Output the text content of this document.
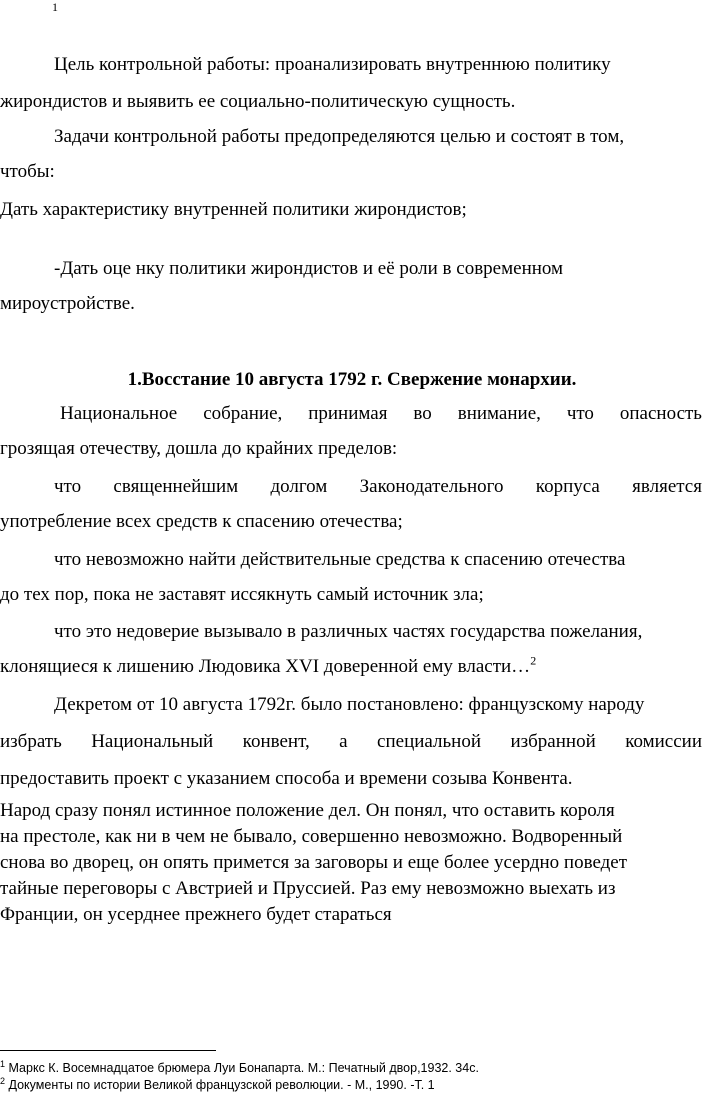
1
Цель контрольной работы: проанализировать внутреннюю политику
жирондистов и выявить ее социально-политическую сущность.
Задачи контрольной работы предопределяются целью и состоят в том,
чтобы:
Дать характеристику внутренней политики жирондистов;
-Дать оце нку политики жирондистов и её роли в современном
мироустройстве.
1.Восстание 10 августа 1792 г. Свержение монархии.
Национальное собрание, принимая во внимание, что опасность
грозящая отечеству, дошла до крайних пределов:
что священнейшим долгом Законодательного корпуса является
употребление всех средств к спасению отечества;
что невозможно найти действительные средства к спасению отечества
до тех пор, пока не заставят иссякнуть самый источник зла;
что это недоверие вызывало в различных частях государства пожелания,
клонящиеся к лишению Людовика XVI доверенной ему власти…$^2$
Декретом от 10 августа 1792г. было постановлено: французскому народу
избрать Национальный конвент, а специальной избранной комиссии
предоставить проект с указанием способа и времени созыва Конвента.
Народ сразу понял истинное положение дел. Он понял, что оставить короля
на престоле, как ни в чем не бывало, совершенно невозможно. Водворенный
снова во дворец, он опять примется за заговоры и еще более усердно поведет
тайные переговоры с Австрией и Пруссией. Раз ему невозможно выехать из
Франции, он усерднее прежнего будет стараться
$^1$ Маркс К. Восемнадцатое брюмера Луи Бонапарта. М.: Печатный двор,1932. 34с.
$^2$ Документы по истории Великой французской революции. - М., 1990. -Т. 1
